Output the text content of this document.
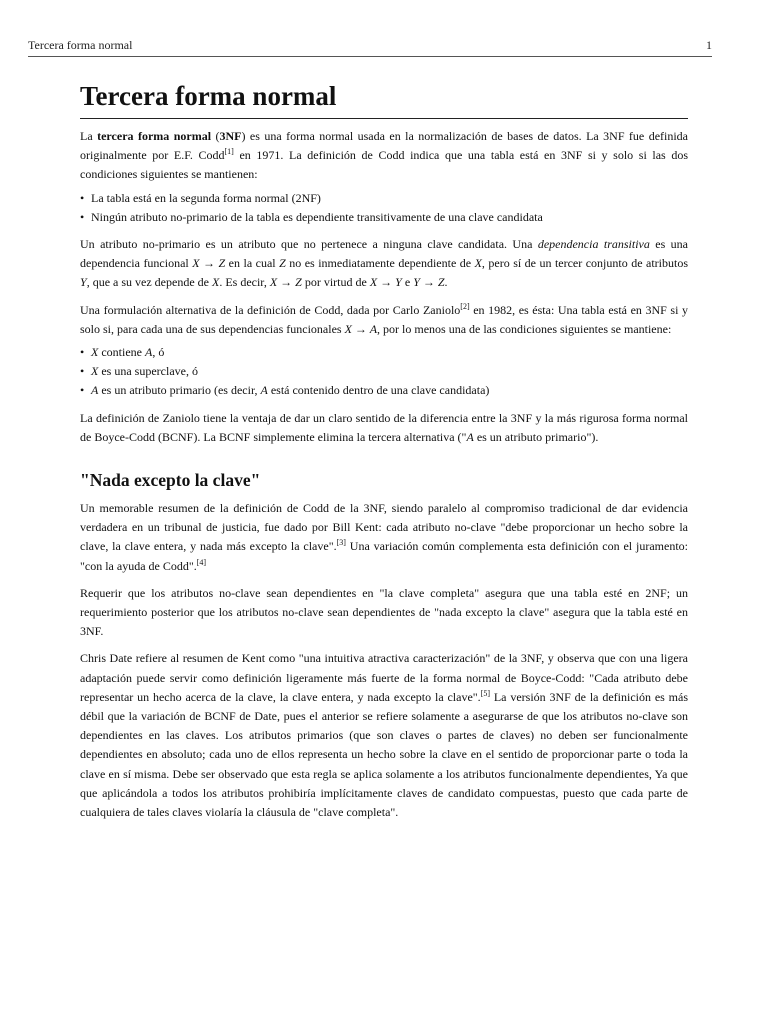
Tercera forma normal	1
Tercera forma normal

La tercera forma normal (3NF) es una forma normal usada en la normalización de bases de datos. La 3NF fue definida originalmente por E.F. Codd[1] en 1971. La definición de Codd indica que una tabla está en 3NF si y solo si las dos condiciones siguientes se mantienen:

• La tabla está en la segunda forma normal (2NF)
• Ningún atributo no-primario de la tabla es dependiente transitivamente de una clave candidata

Un atributo no-primario es un atributo que no pertenece a ninguna clave candidata. Una dependencia transitiva es una dependencia funcional X → Z en la cual Z no es inmediatamente dependiente de X, pero sí de un tercer conjunto de atributos Y, que a su vez depende de X. Es decir, X → Z por virtud de X → Y e Y → Z.

Una formulación alternativa de la definición de Codd, dada por Carlo Zaniolo[2] en 1982, es ésta: Una tabla está en 3NF si y solo si, para cada una de sus dependencias funcionales X → A, por lo menos una de las condiciones siguientes se mantiene:

• X contiene A, ó
• X es una superclave, ó
• A es un atributo primario (es decir, A está contenido dentro de una clave candidata)

La definición de Zaniolo tiene la ventaja de dar un claro sentido de la diferencia entre la 3NF y la más rigurosa forma normal de Boyce-Codd (BCNF). La BCNF simplemente elimina la tercera alternativa ("A es un atributo primario").

"Nada excepto la clave"

Un memorable resumen de la definición de Codd de la 3NF, siendo paralelo al compromiso tradicional de dar evidencia verdadera en un tribunal de justicia, fue dado por Bill Kent: cada atributo no-clave "debe proporcionar un hecho sobre la clave, la clave entera, y nada más excepto la clave".[3] Una variación común complementa esta definición con el juramento: "con la ayuda de Codd".[4]

Requerir que los atributos no-clave sean dependientes en "la clave completa" asegura que una tabla esté en 2NF; un requerimiento posterior que los atributos no-clave sean dependientes de "nada excepto la clave" asegura que la tabla esté en 3NF.

Chris Date refiere al resumen de Kent como "una intuitiva atractiva caracterización" de la 3NF, y observa que con una ligera adaptación puede servir como definición ligeramente más fuerte de la forma normal de Boyce-Codd: "Cada atributo debe representar un hecho acerca de la clave, la clave entera, y nada excepto la clave".[5] La versión 3NF de la definición es más débil que la variación de BCNF de Date, pues el anterior se refiere solamente a asegurarse de que los atributos no-clave son dependientes en las claves. Los atributos primarios (que son claves o partes de claves) no deben ser funcionalmente dependientes en absoluto; cada uno de ellos representa un hecho sobre la clave en el sentido de proporcionar parte o toda la clave en sí misma. Debe ser observado que esta regla se aplica solamente a los atributos funcionalmente dependientes, Ya que que aplicándola a todos los atributos prohibiría implícitamente claves de candidato compuestas, puesto que cada parte de cualquiera de tales claves violaría la cláusula de "clave completa".
